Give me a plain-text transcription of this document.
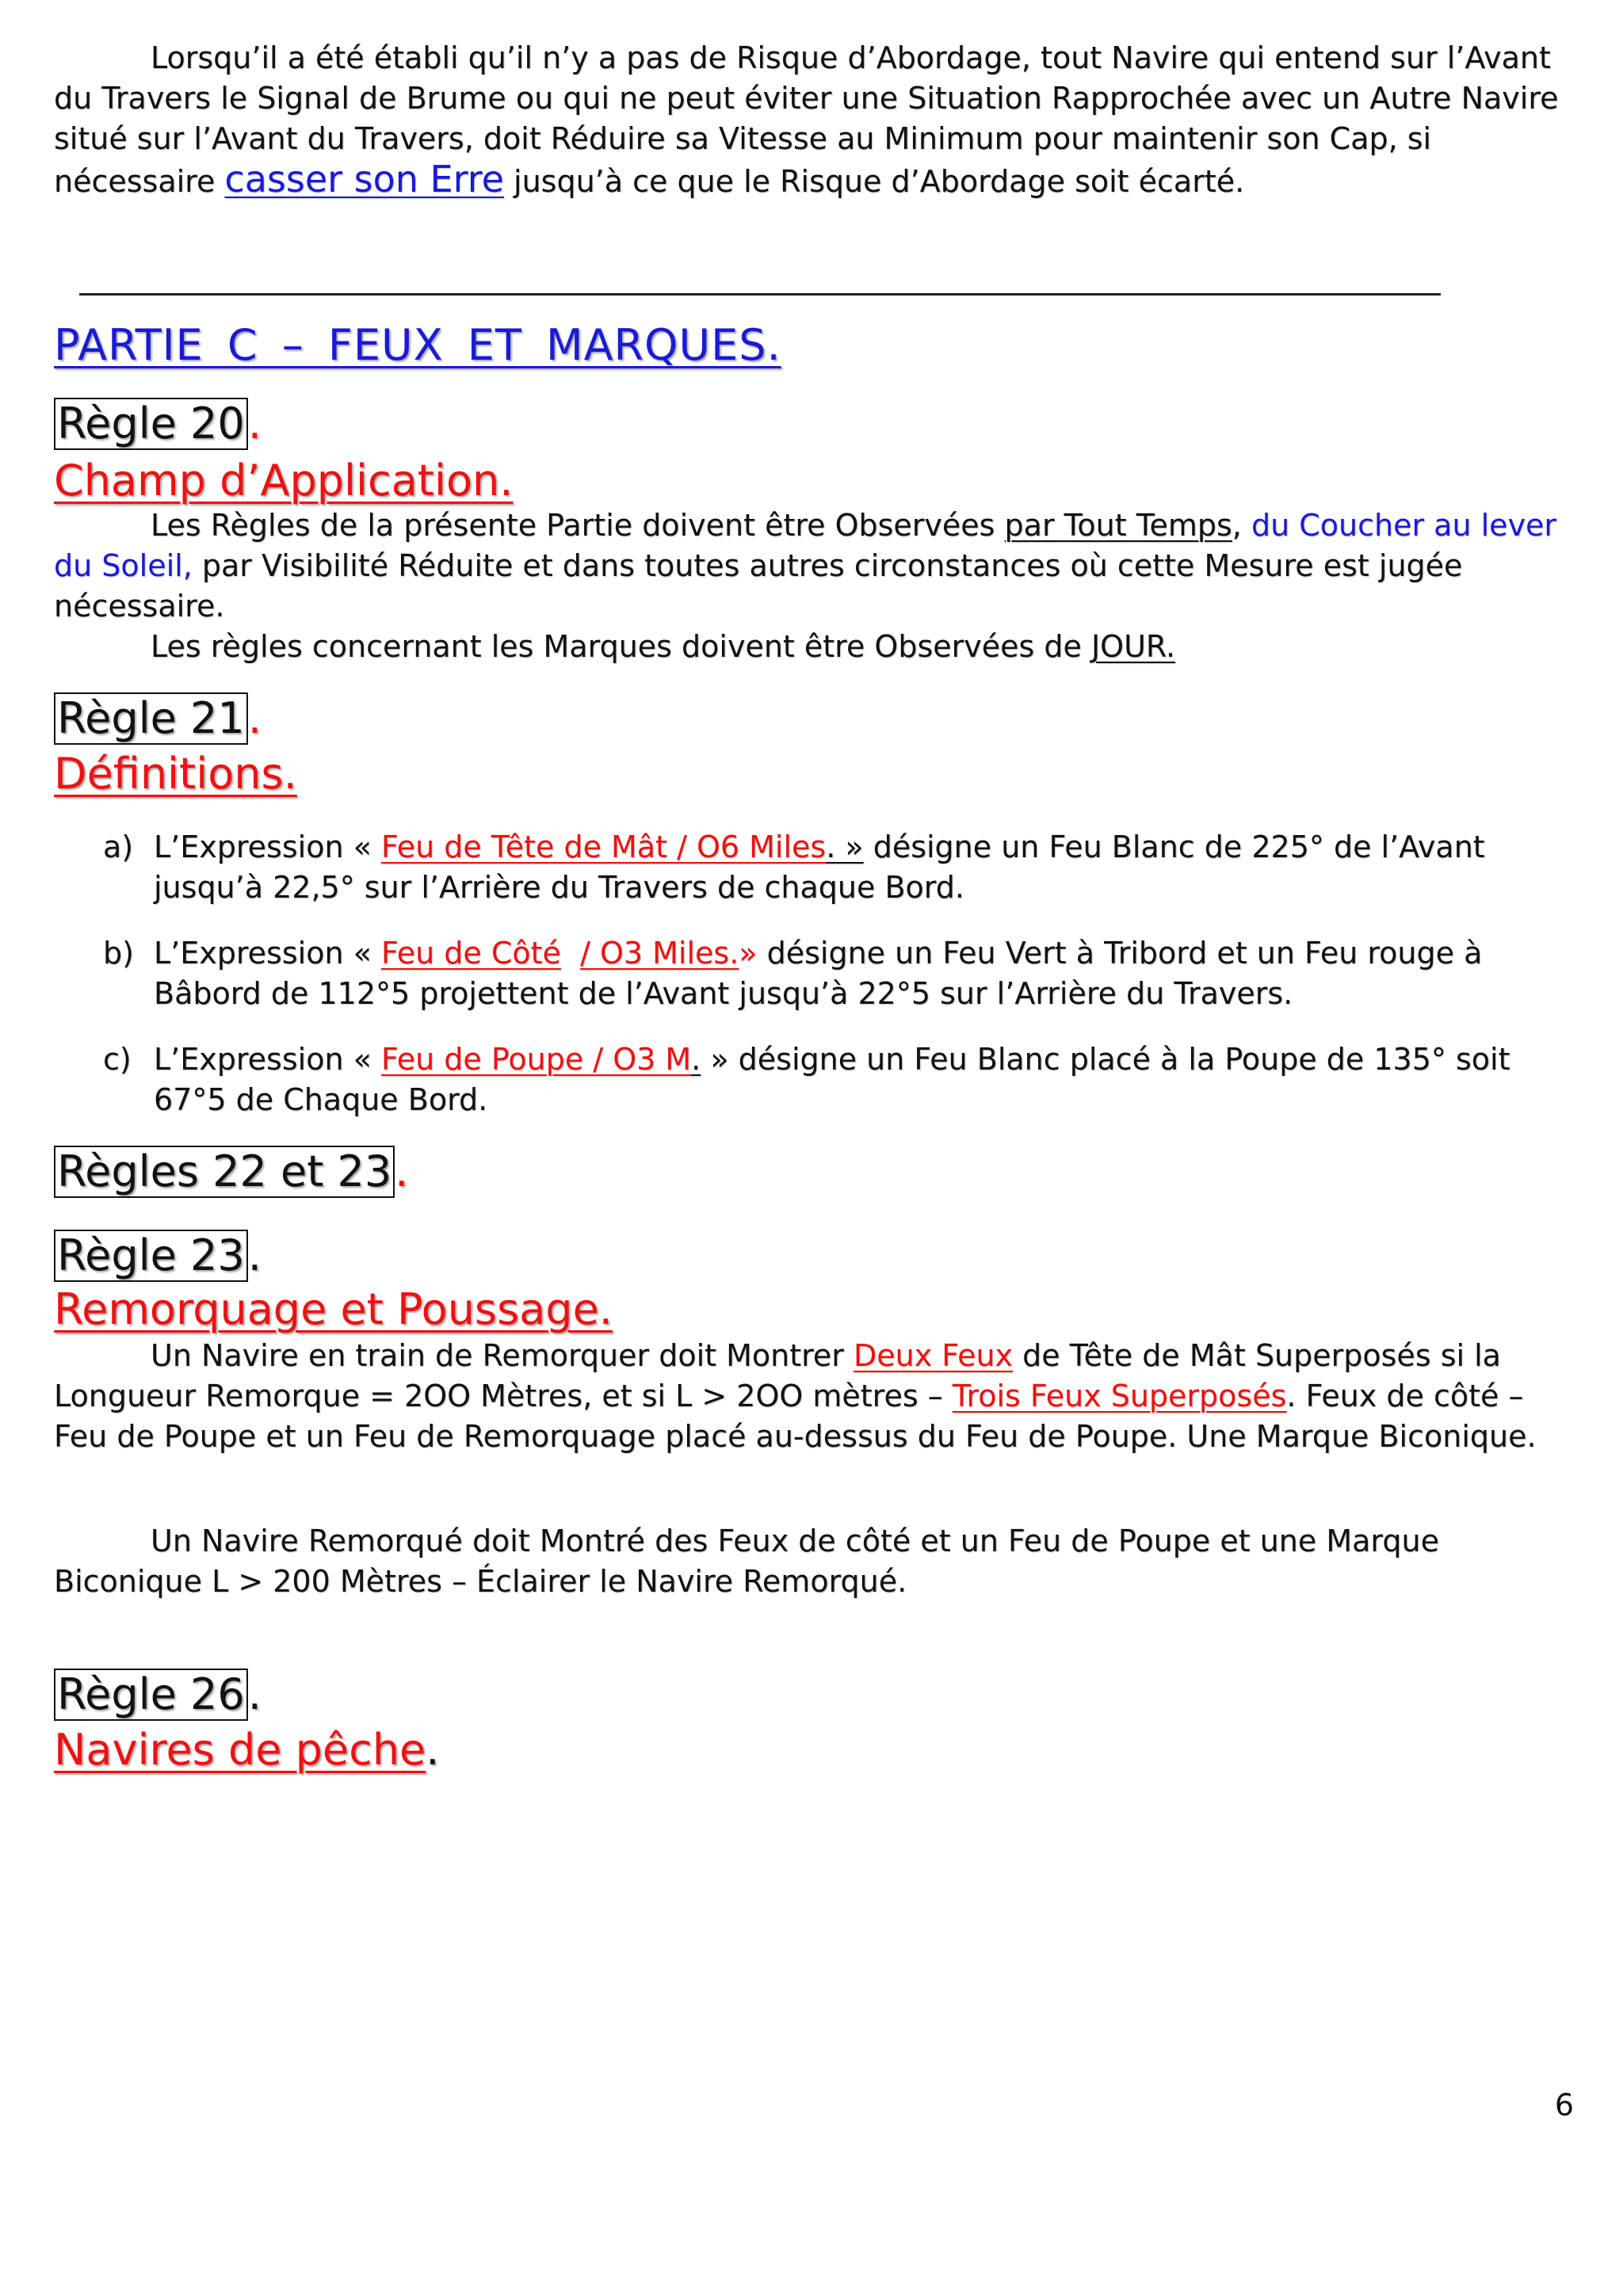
Lorsqu’il a été établi qu’il n’y a pas de Risque d’Abordage, tout Navire qui entend sur l’Avant du Travers le Signal de Brume ou qui ne peut éviter une Situation Rapprochée avec un Autre Navire situé sur l’Avant du Travers, doit Réduire sa Vitesse au Minimum pour maintenir son Cap, si nécessaire casser son Erre jusqu’à ce que le Risque d’Abordage soit écarté.
PARTIE C – FEUX ET MARQUES.
Règle 20.
Champ d’Application.
Les Règles de la présente Partie doivent être Observées par Tout Temps, du Coucher au lever du Soleil, par Visibilité Réduite et dans toutes autres circonstances où cette Mesure est jugée nécessaire.
Les règles concernant les Marques doivent être Observées de JOUR.
Règle 21.
Définitions.
a) L’Expression « Feu de Tête de Mât / O6 Miles. » désigne un Feu Blanc de 225° de l’Avant jusqu’à 22,5° sur l’Arrière du Travers de chaque Bord.
b) L’Expression « Feu de Côté / O3 Miles.» désigne un Feu Vert à Tribord et un Feu rouge à Bâbord de 112°5 projettent de l’Avant jusqu’à 22°5 sur l’Arrière du Travers.
c) L’Expression « Feu de Poupe / O3 M. » désigne un Feu Blanc placé à la Poupe de 135° soit 67°5 de Chaque Bord.
Règles 22 et 23.
Règle 23.
Remorquage et Poussage.
Un Navire en train de Remorquer doit Montrer Deux Feux de Tête de Mât Superposés si la Longueur Remorque = 2OO Mètres, et si L > 2OO mètres – Trois Feux Superposés. Feux de côté – Feu de Poupe et un Feu de Remorquage placé au-dessus du Feu de Poupe. Une Marque Biconique.
Un Navire Remorqué doit Montré des Feux de côté et un Feu de Poupe et une Marque Biconique L > 200 Mètres – Éclairer le Navire Remorqué.
Règle 26.
Navires de pêche.
6
